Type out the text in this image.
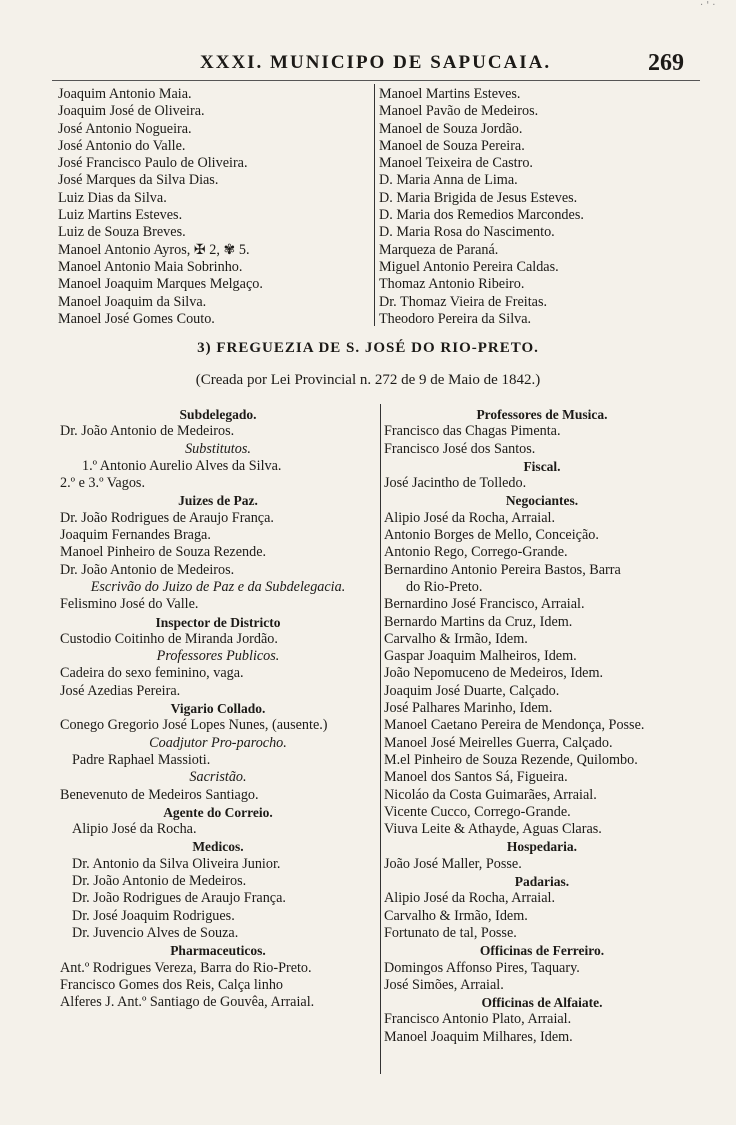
· ' ·
XXXI. MUNICIPO DE SAPUCAIA.	269
Joaquim Antonio Maia.
Joaquim José de Oliveira.
José Antonio Nogueira.
José Antonio do Valle.
José Francisco Paulo de Oliveira.
José Marques da Silva Dias.
Luiz Dias da Silva.
Luiz Martins Esteves.
Luiz de Souza Breves.
Manoel Antonio Ayros, ✠ 2, ✾ 5.
Manoel Antonio Maia Sobrinho.
Manoel Joaquim Marques Melgaço.
Manoel Joaquim da Silva.
Manoel José Gomes Couto.
Manoel Martins Esteves.
Manoel Pavão de Medeiros.
Manoel de Souza Jordão.
Manoel de Souza Pereira.
Manoel Teixeira de Castro.
D. Maria Anna de Lima.
D. Maria Brigida de Jesus Esteves.
D. Maria dos Remedios Marcondes.
D. Maria Rosa do Nascimento.
Marqueza de Paraná.
Miguel Antonio Pereira Caldas.
Thomaz Antonio Ribeiro.
Dr. Thomaz Vieira de Freitas.
Theodoro Pereira da Silva.
3) FREGUEZIA DE S. JOSÉ DO RIO-PRETO.
(Creada por Lei Provincial n. 272 de 9 de Maio de 1842.)
Subdelegado.
Dr. João Antonio de Medeiros.
Substitutos.
1.º Antonio Aurelio Alves da Silva.
2.º e 3.º Vagos.
Juizes de Paz.
Dr. João Rodrigues de Araujo França.
Joaquim Fernandes Braga.
Manoel Pinheiro de Souza Rezende.
Dr. João Antonio de Medeiros.
Escrivão do Juizo de Paz e da Subdelegacia.
Felismino José do Valle.
Inspector de Districto
Custodio Coitinho de Miranda Jordão.
Professores Publicos.
Cadeira do sexo feminino, vaga.
José Azedias Pereira.
Vigario Collado.
Conego Gregorio José Lopes Nunes, (ausente.)
Coadjutor Pro-parocho.
Padre Raphael Massioti.
Sacristão.
Benevenuto de Medeiros Santiago.
Agente do Correio.
Alipio José da Rocha.
Medicos.
Dr. Antonio da Silva Oliveira Junior.
Dr. João Antonio de Medeiros.
Dr. João Rodrigues de Araujo França.
Dr. José Joaquim Rodrigues.
Dr. Juvencio Alves de Souza.
Pharmaceuticos.
Ant.º Rodrigues Vereza, Barra do Rio-Preto.
Francisco Gomes dos Reis, Calça linho
Alferes J. Ant.º Santiago de Gouvêa, Arraial.
Professores de Musica.
Francisco das Chagas Pimenta.
Francisco José dos Santos.
Fiscal.
José Jacintho de Tolledo.
Negociantes.
Alipio José da Rocha, Arraial.
Antonio Borges de Mello, Conceição.
Antonio Rego, Corrego-Grande.
Bernardino Antonio Pereira Bastos, Barra
do Rio-Preto.
Bernardino José Francisco, Arraial.
Bernardo Martins da Cruz, Idem.
Carvalho & Irmão, Idem.
Gaspar Joaquim Malheiros, Idem.
João Nepomuceno de Medeiros, Idem.
Joaquim José Duarte, Calçado.
José Palhares Marinho, Idem.
Manoel Caetano Pereira de Mendonça, Posse.
Manoel José Meirelles Guerra, Calçado.
M.el Pinheiro de Souza Rezende, Quilombo.
Manoel dos Santos Sá, Figueira.
Nicoláo da Costa Guimarães, Arraial.
Vicente Cucco, Corrego-Grande.
Viuva Leite & Athayde, Aguas Claras.
Hospedaria.
João José Maller, Posse.
Padarias.
Alipio José da Rocha, Arraial.
Carvalho & Irmão, Idem.
Fortunato de tal, Posse.
Officinas de Ferreiro.
Domingos Affonso Pires, Taquary.
José Simões, Arraial.
Officinas de Alfaiate.
Francisco Antonio Plato, Arraial.
Manoel Joaquim Milhares, Idem.
